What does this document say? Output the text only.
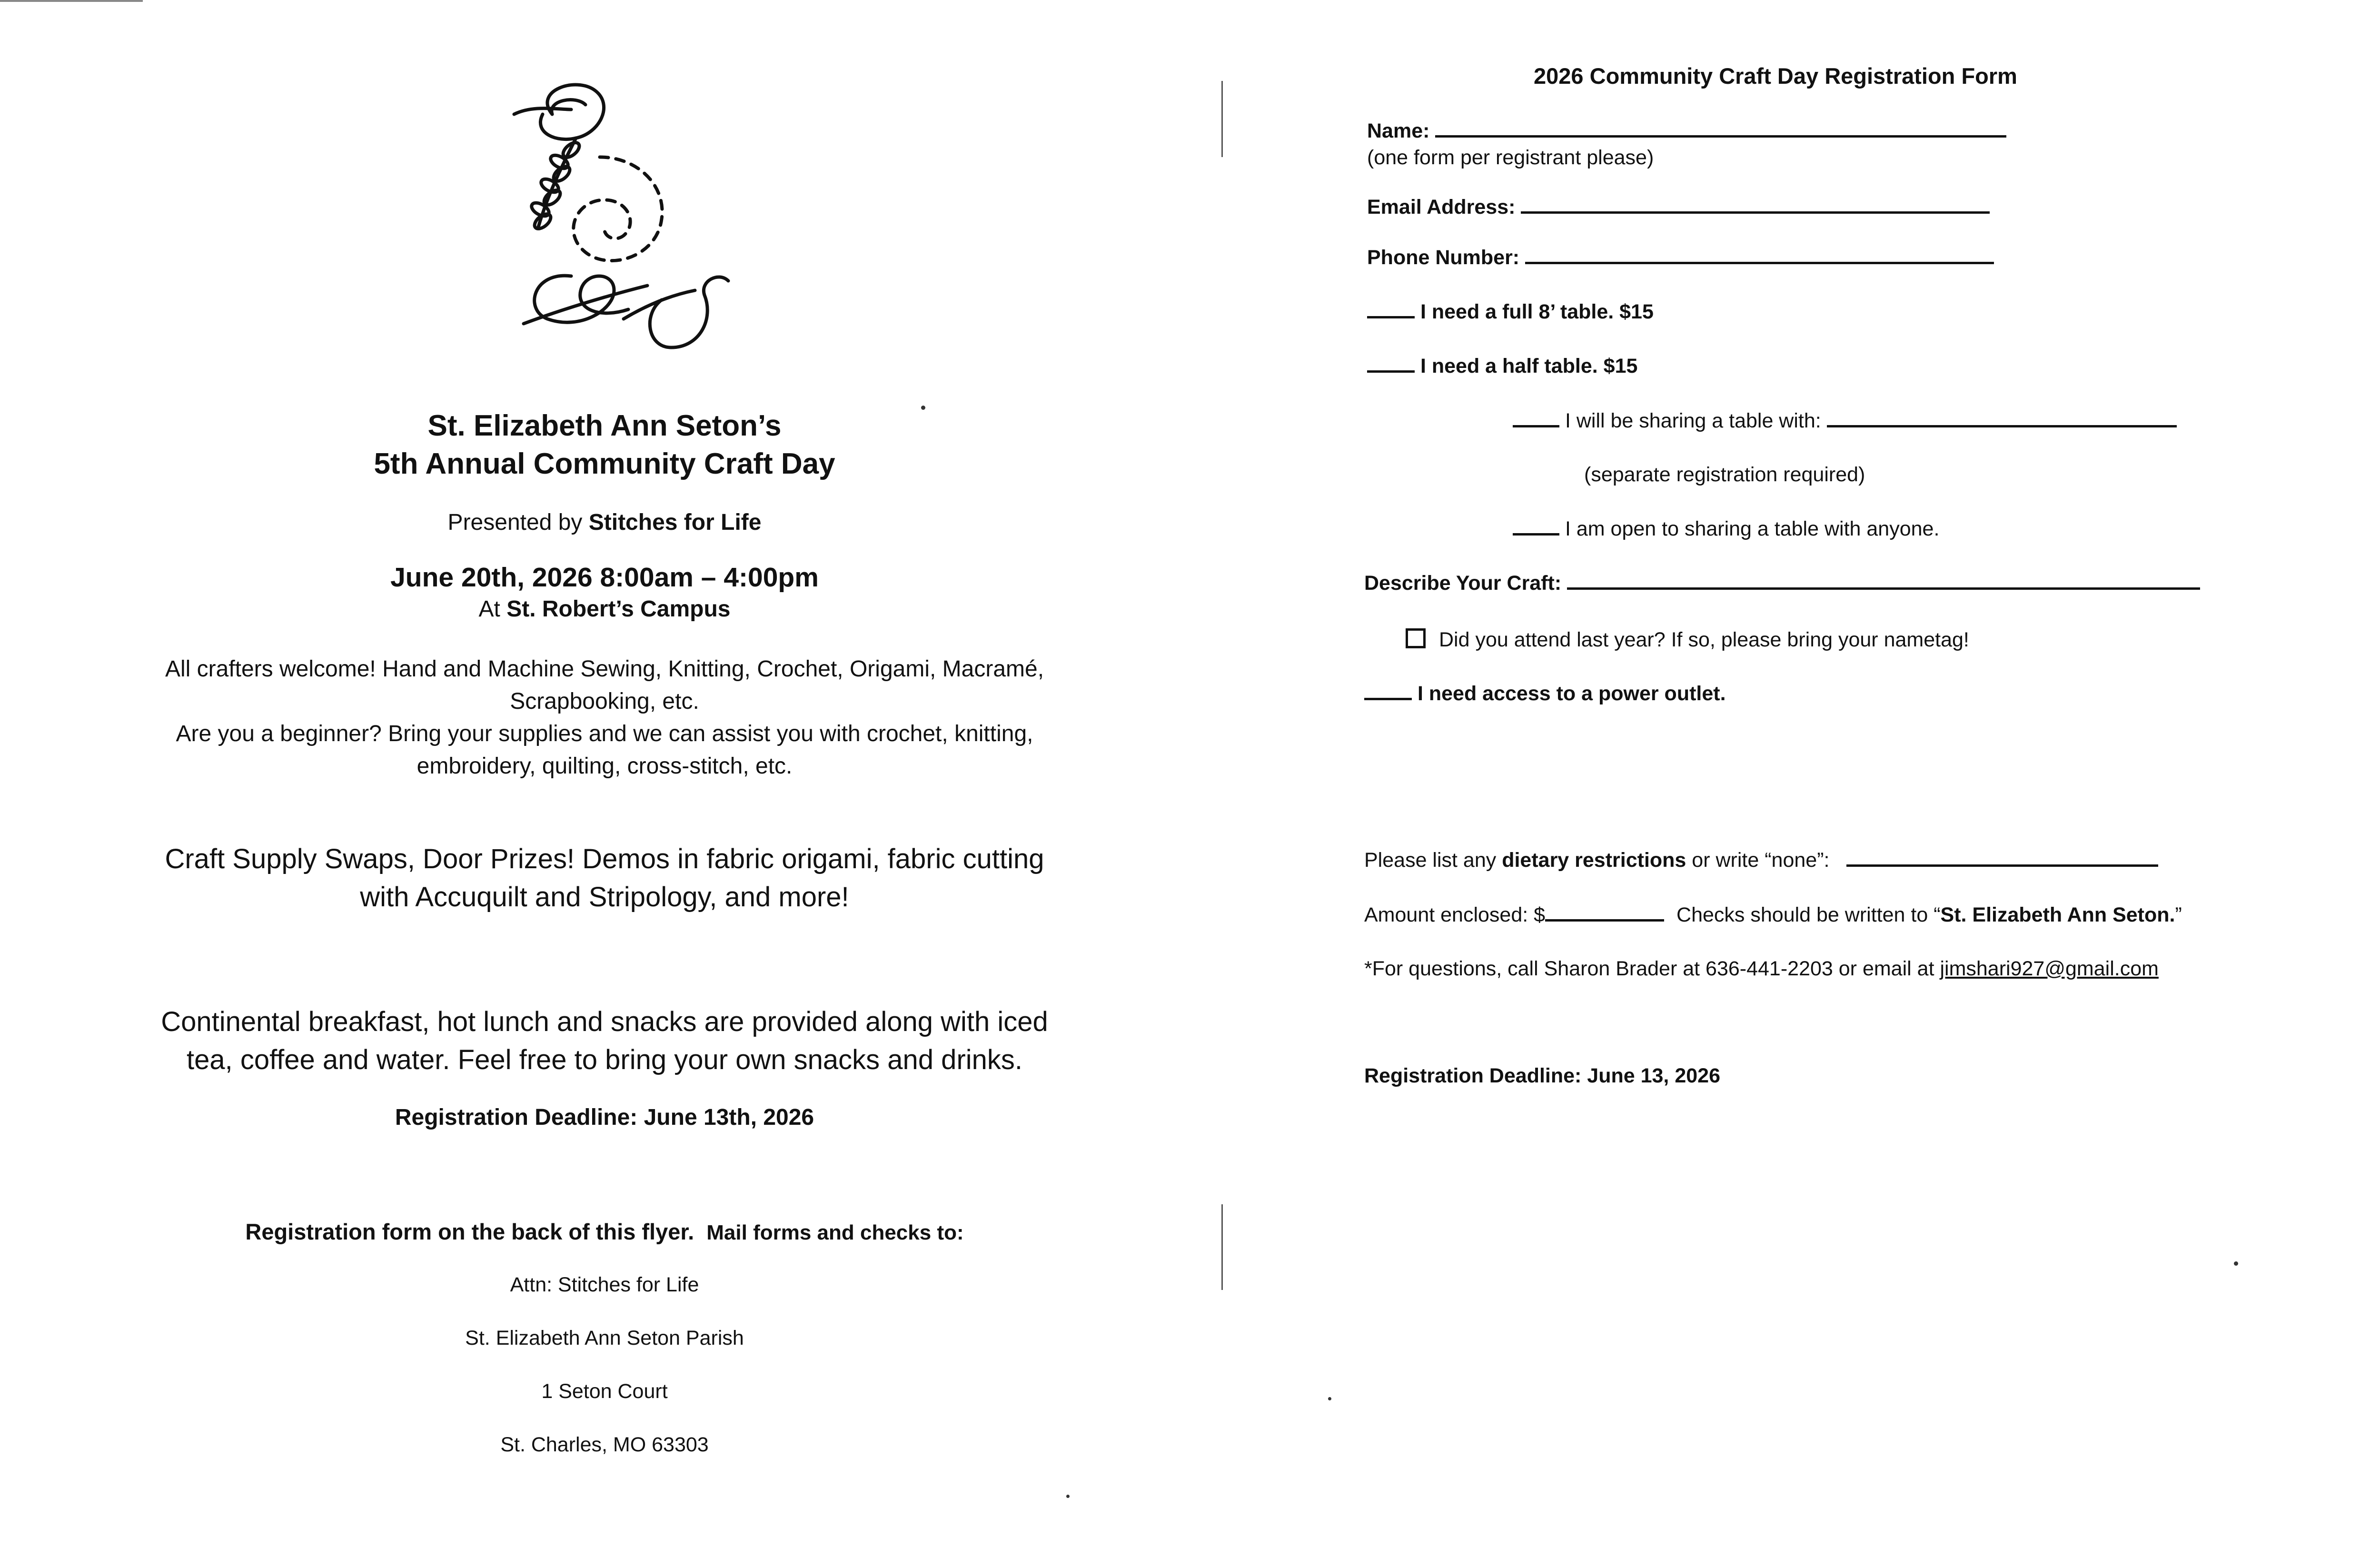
St. Elizabeth Ann Seton’s
5th Annual Community Craft Day
Presented by Stitches for Life
June 20th, 2026 8:00am – 4:00pm
At St. Robert’s Campus
All crafters welcome! Hand and Machine Sewing, Knitting, Crochet, Origami, Macramé,
Scrapbooking, etc.
Are you a beginner? Bring your supplies and we can assist you with crochet, knitting,
embroidery, quilting, cross-stitch, etc.
Craft Supply Swaps, Door Prizes! Demos in fabric origami, fabric cutting
with Accuquilt and Stripology, and more!
Continental breakfast, hot lunch and snacks are provided along with iced
tea, coffee and water. Feel free to bring your own snacks and drinks.
Registration Deadline: June 13th, 2026
Registration form on the back of this flyer. Mail forms and checks to:
Attn: Stitches for Life
St. Elizabeth Ann Seton Parish
1 Seton Court
St. Charles, MO 63303
2026 Community Craft Day Registration Form
Name:
(one form per registrant please)
Email Address:
Phone Number:
I need a full 8’ table. $15
I need a half table. $15
I will be sharing a table with:
(separate registration required)
I am open to sharing a table with anyone.
Describe Your Craft:
Did you attend last year? If so, please bring your nametag!
I need access to a power outlet.
Please list any dietary restrictions or write “none”:
Amount enclosed: $	Checks should be written to “St. Elizabeth Ann Seton.”
*For questions, call Sharon Brader at 636-441-2203 or email at jimshari927@gmail.com
Registration Deadline: June 13, 2026
